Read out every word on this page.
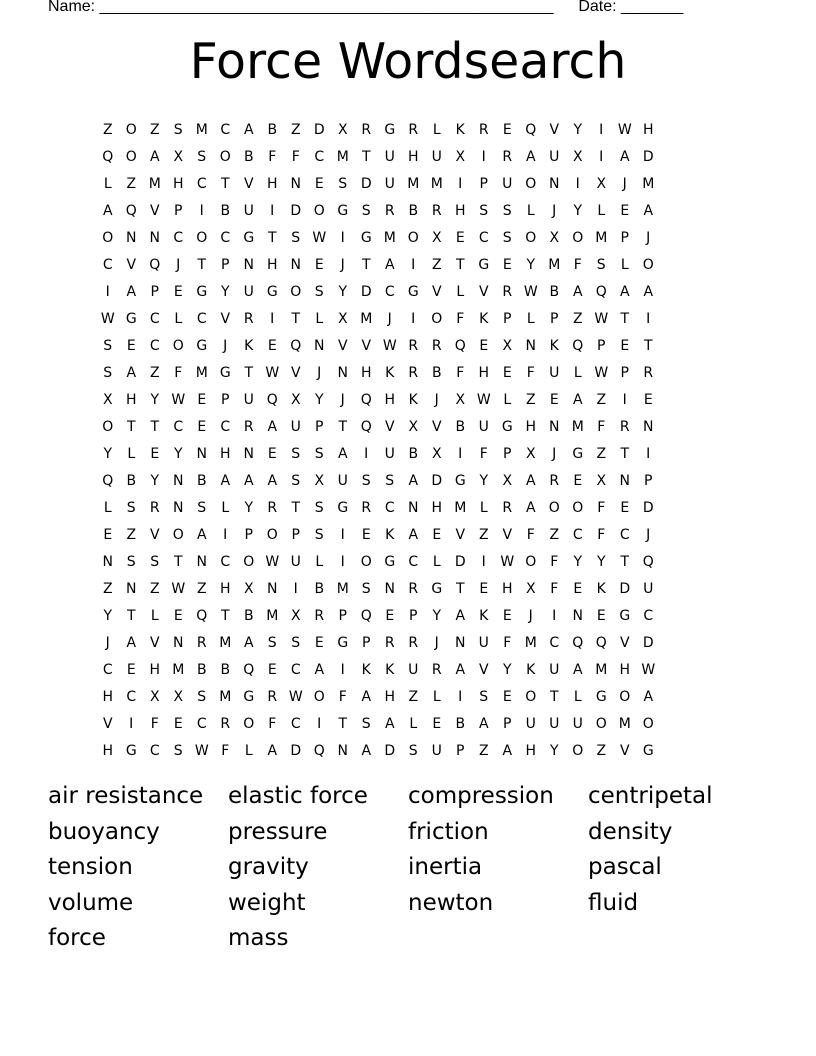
Name: ___________________________________________________ Date: _______
Force Wordsearch
Z O Z	S M C A B Z D X R G R	L	K	R	E Q V	Y	I	W H
Q O A X	S O B	F	F	C M T	U H U X	I	R A U X	I	A D
L	Z M H C	T	V H N E	S D U M M	I	P	U O N	I	X	J	M
A Q V	P	I	B U	I	D O G S	R B R H S	S	L	J	Y	L	E	A
O N N C O C G T	S W	I	G M O X	E	C	S O X O M P	J
C V Q	J	T	P	N H N E	J	T	A	I	Z	T G E	Y M F	S	L	O
I	A	P	E G Y	U G O S	Y D C G V	L	V R W B A Q A A
W G C	L	C V R	I	T	L	X M	J	I	O F	K	P	L	P	Z W T	I
S	E	C O G	J	K	E Q N V V W R R Q E	X N K Q P	E	T
S	A Z	F M G T W V	J	N H K	R B	F	H E	F	U	L W P	R
X H Y W E	P	U Q X	Y	J	Q H K	J	X W L	Z	E	A Z	I	E
O T	T	C	E	C R A U	P	T Q V X V B U G H N M F	R N
Y	L	E	Y N H N E	S	S	A	I	U B X	I	F	P	X	J	G Z	T	I
Q B	Y N B A A A	S	X U S	S	A D G Y	X A R	E	X N	P
L	S	R N S	L	Y	R	T	S G R C N H M L	R A O O F	E D
E	Z V O A	I	P O P	S	I	E	K	A	E	V Z V	F	Z C	F	C	J
N S	S	T N C O W U	L	I	O G C	L	D	I	W O F	Y	Y	T Q
Z N Z W Z H X N	I	B M S N R G T	E H X	F	E	K D U
Y	T	L	E Q T	B M X R	P Q E	P	Y	A	K	E	J	I	N E G C
J	A V N R M A	S	S	E G P	R R	J	N U	F M C Q Q V D
C	E H M B B Q E	C A	I	K	K U R A V	Y	K U A M H W
H C X X	S M G R W O F	A H Z	L	I	S	E O T	L	G O A
V	I	F	E	C R O F	C	I	T	S	A	L	E	B A	P	U U U O M O
H G C	S W F	L	A D Q N A D S U	P	Z A H Y O Z V G
air resistance	elastic force	compression	centripetal
buoyancy	pressure	friction	density
tension	gravity	inertia	pascal
volume	weight	newton	fluid
force	mass
